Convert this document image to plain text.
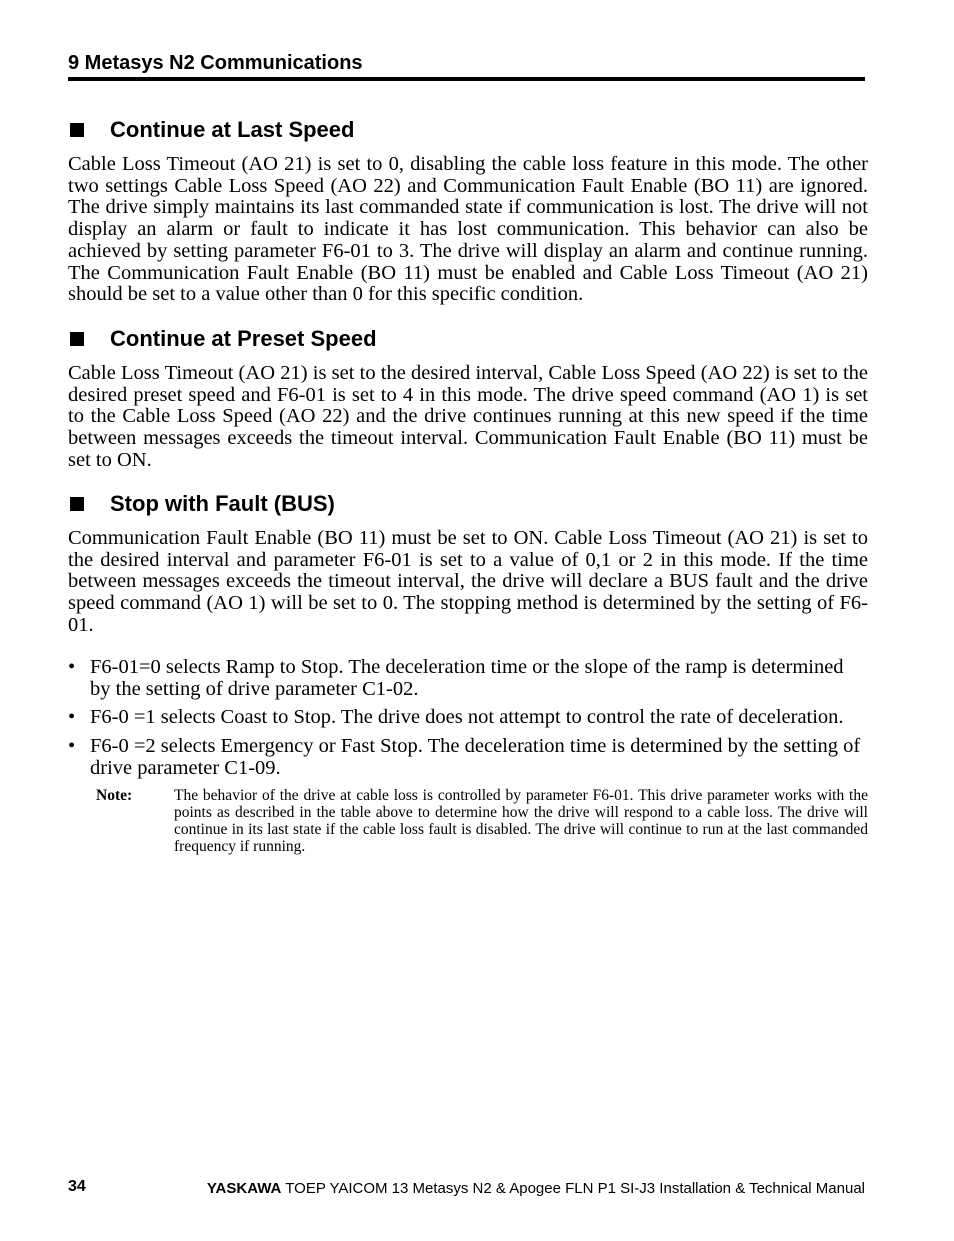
9 Metasys N2 Communications
Continue at Last Speed

Cable Loss Timeout (AO 21) is set to 0, disabling the cable loss feature in this mode. The other two settings Cable Loss Speed (AO 22) and Communication Fault Enable (BO 11) are ignored. The drive simply maintains its last commanded state if communication is lost. The drive will not display an alarm or fault to indicate it has lost communication. This behavior can also be achieved by setting parameter F6-01 to 3. The drive will display an alarm and continue running. The Communication Fault Enable (BO 11) must be enabled and Cable Loss Timeout (AO 21) should be set to a value other than 0 for this specific condition.

Continue at Preset Speed

Cable Loss Timeout (AO 21) is set to the desired interval, Cable Loss Speed (AO 22) is set to the desired preset speed and F6-01 is set to 4 in this mode. The drive speed command (AO 1) is set to the Cable Loss Speed (AO 22) and the drive continues running at this new speed if the time between messages exceeds the timeout interval. Communication Fault Enable (BO 11) must be set to ON.

Stop with Fault (BUS)

Communication Fault Enable (BO 11) must be set to ON. Cable Loss Timeout (AO 21) is set to the desired interval and parameter F6-01 is set to a value of 0,1 or 2 in this mode. If the time between messages exceeds the timeout interval, the drive will declare a BUS fault and the drive speed command (AO 1) will be set to 0. The stopping method is determined by the setting of F6-01.

• F6-01=0 selects Ramp to Stop. The deceleration time or the slope of the ramp is determined by the setting of drive parameter C1-02.
• F6-0 =1 selects Coast to Stop. The drive does not attempt to control the rate of deceleration.
• F6-0 =2 selects Emergency or Fast Stop. The deceleration time is determined by the setting of drive parameter C1-09.
Note:	The behavior of the drive at cable loss is controlled by parameter F6-01. This drive parameter works with the points as described in the table above to determine how the drive will respond to a cable loss. The drive will continue in its last state if the cable loss fault is disabled. The drive will continue to run at the last commanded frequency if running.
34	YASKAWA TOEP YAICOM 13 Metasys N2 & Apogee FLN P1 SI-J3 Installation & Technical Manual
